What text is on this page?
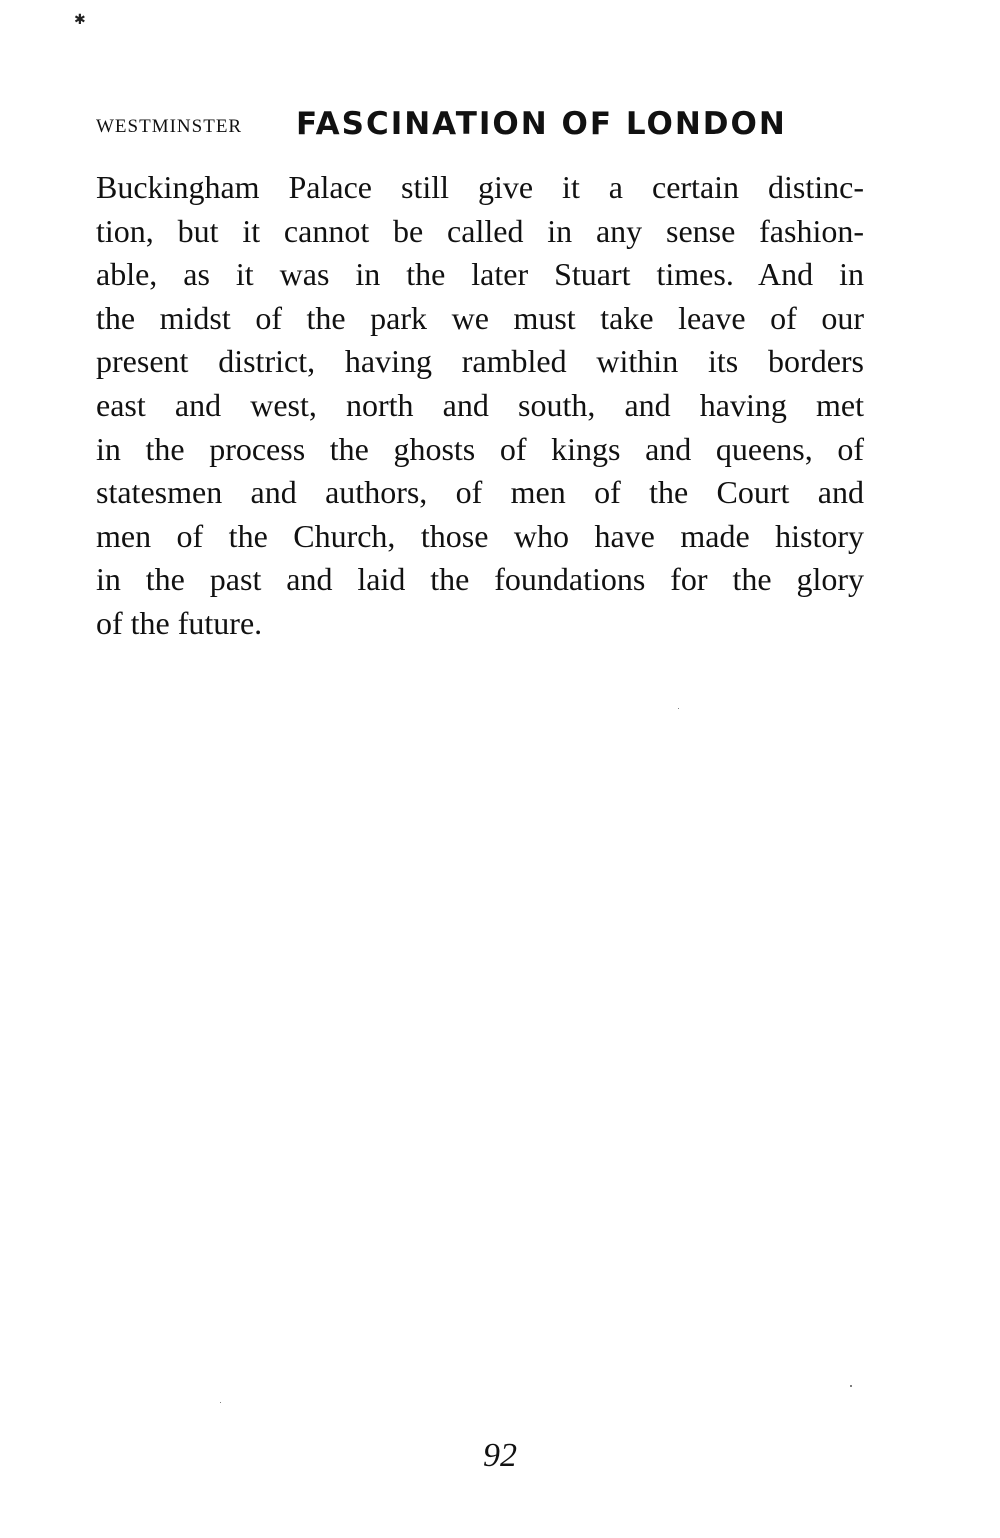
✱
WESTMINSTER FASCINATION OF LONDON
Buckingham Palace still give it a certain distinc-
tion, but it cannot be called in any sense fashion-
able, as it was in the later Stuart times. And in
the midst of the park we must take leave of our
present district, having rambled within its borders
east and west, north and south, and having met
in the process the ghosts of kings and queens, of
statesmen and authors, of men of the Court and
men of the Church, those who have made history
in the past and laid the foundations for the glory
of the future.
92
